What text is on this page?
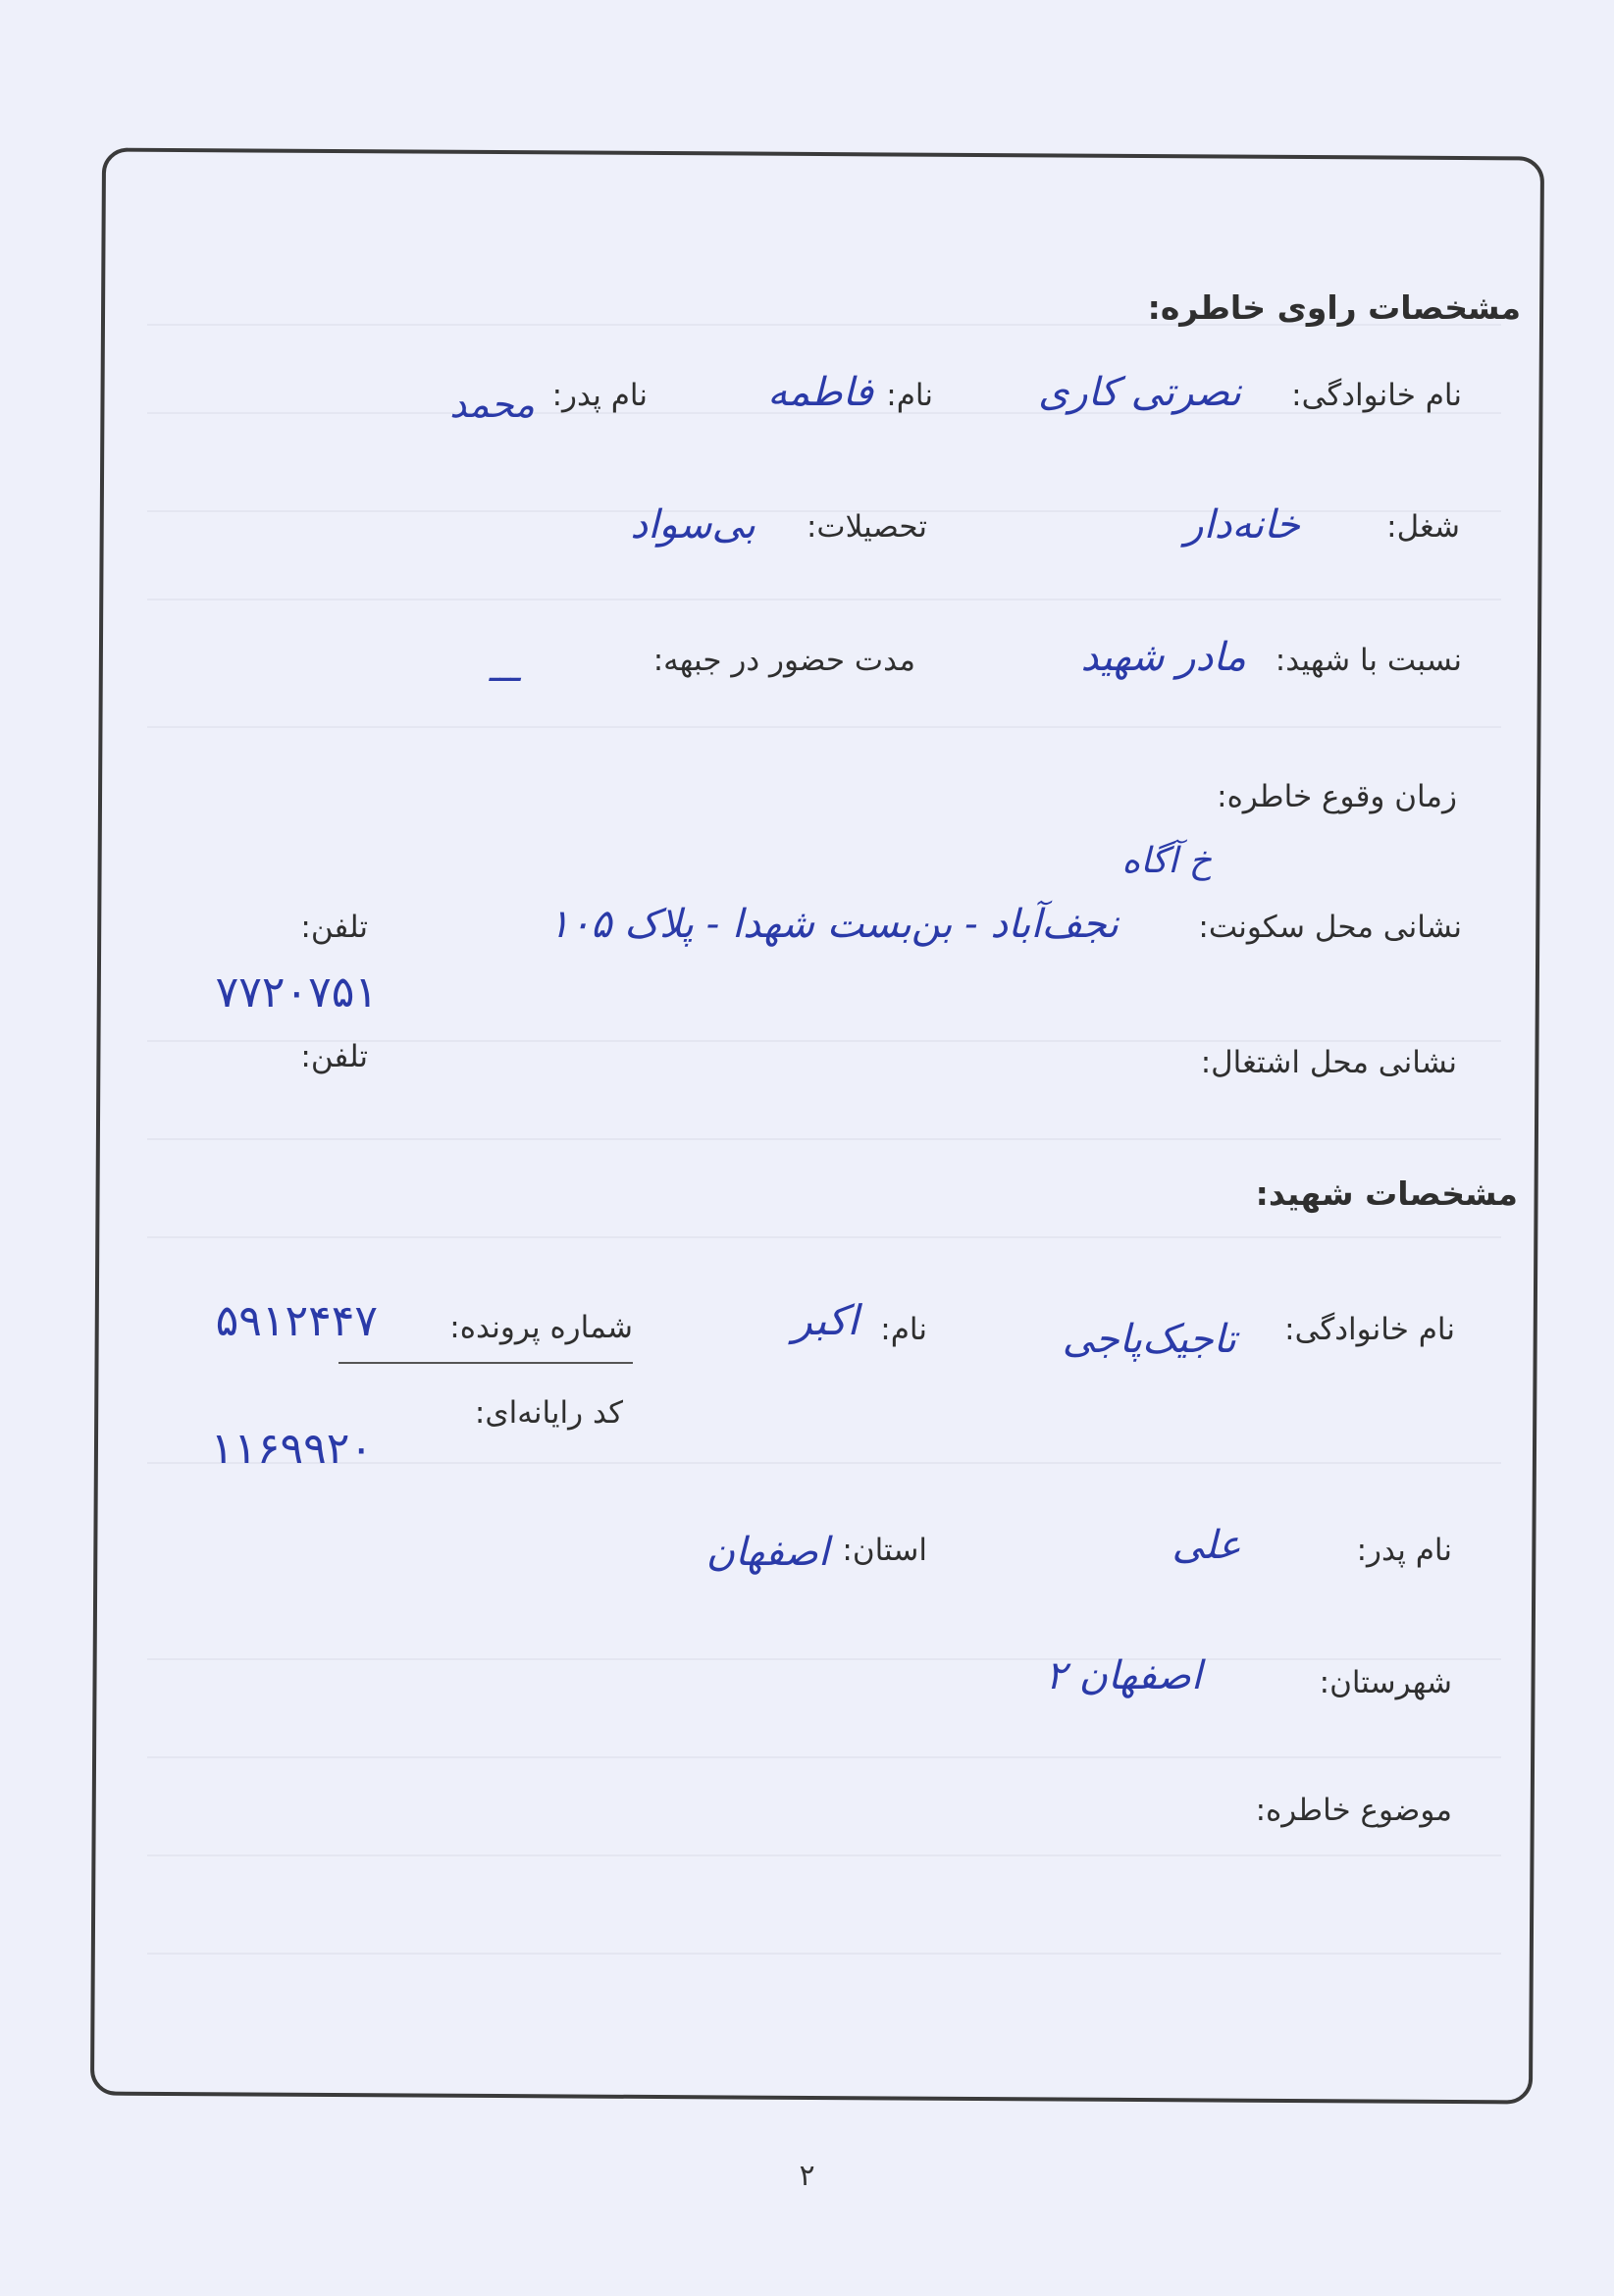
مشخصات راوی خاطره:
نام خانوادگی:
نصرتی کاری
نام:
فاطمه
نام پدر:
محمد
شغل:
خانه‌دار
تحصیلات:
بی‌سواد
نسبت با شهید:
مادر شهید
مدت حضور در جبهه:
ـــ
زمان وقوع خاطره:
خ آگاه
نشانی محل سکونت:
نجف‌آباد - بن‌بست شهدا - پلاک ۱۰۵
تلفن:
۷۷۲۰۷۵۱
نشانی محل اشتغال:
تلفن:
مشخصات شهید:
نام خانوادگی:
تاجیک‌پاجی
نام:
اکبر
شماره پرونده:
۵۹۱۲۴۴۷
کد رایانه‌ای:
۱۱۶۹۹۲۰
نام پدر:
علی
استان:
اصفهان
شهرستان:
اصفهان ۲
موضوع خاطره:
۲
